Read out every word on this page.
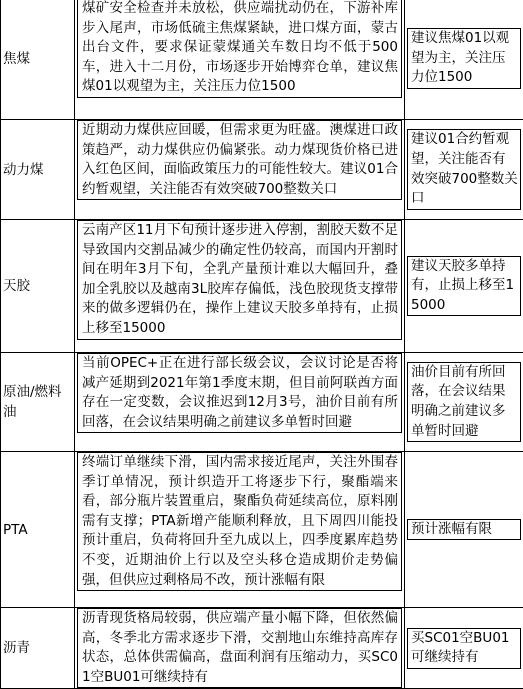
焦煤	煤矿安全检查并未放松，供应端扰动仍在，下游补库步入尾声，市场低硫主焦煤紧缺，进口煤方面，蒙古出台文件，要求保证蒙煤通关车数日均不低于500车，进入十二月份，市场逐步开始博弈仓单，建议焦煤01以观望为主，关注压力位1500	建议焦煤01以观望为主，关注压力位1500

动力煤	近期动力煤供应回暖，但需求更为旺盛。澳煤进口政策趋严，动力煤供应仍偏紧张。动力煤现货价格已进入红色区间，面临政策压力的可能性较大。建议01合约暂观望，关注能否有效突破700整数关口	建议01合约暂观望，关注能否有效突破700整数关口

天胶	云南产区11月下旬预计逐步进入停割，割胶天数不足导致国内交割品减少的确定性仍较高，而国内开割时间在明年3月下旬，全乳产量预计难以大幅回升，叠加全乳胶以及越南3L胶库存偏低，浅色胶现货支撑带来的做多逻辑仍在，操作上建议天胶多单持有，止损上移至15000	建议天胶多单持有，止损上移至15000

原油/燃料油	当前OPEC+正在进行部长级会议，会议讨论是否将减产延期到2021年第1季度末期，但目前阿联酋方面存在一定变数，会议推迟到12月3号，油价目前有所回落，在会议结果明确之前建议多单暂时回避	油价目前有所回落，在会议结果明确之前建议多单暂时回避

PTA	终端订单继续下滑，国内需求接近尾声，关注外围春季订单情况，预计织造开工将逐步下行，聚酯端来看，部分瓶片装置重启，聚酯负荷延续高位，原料刚需有支撑；PTA新增产能顺利释放，且下周四川能投预计重启，负荷将回升至九成以上，四季度累库趋势不变，近期油价上行以及空头移仓造成期价走势偏强，但供应过剩格局不改，预计涨幅有限	预计涨幅有限

沥青	沥青现货格局较弱，供应端产量小幅下降，但依然偏高，冬季北方需求逐步下滑，交割地山东维持高库存状态，总体供需偏高，盘面利润有压缩动力，买SC01空BU01可继续持有	买SC01空BU01可继续持有
